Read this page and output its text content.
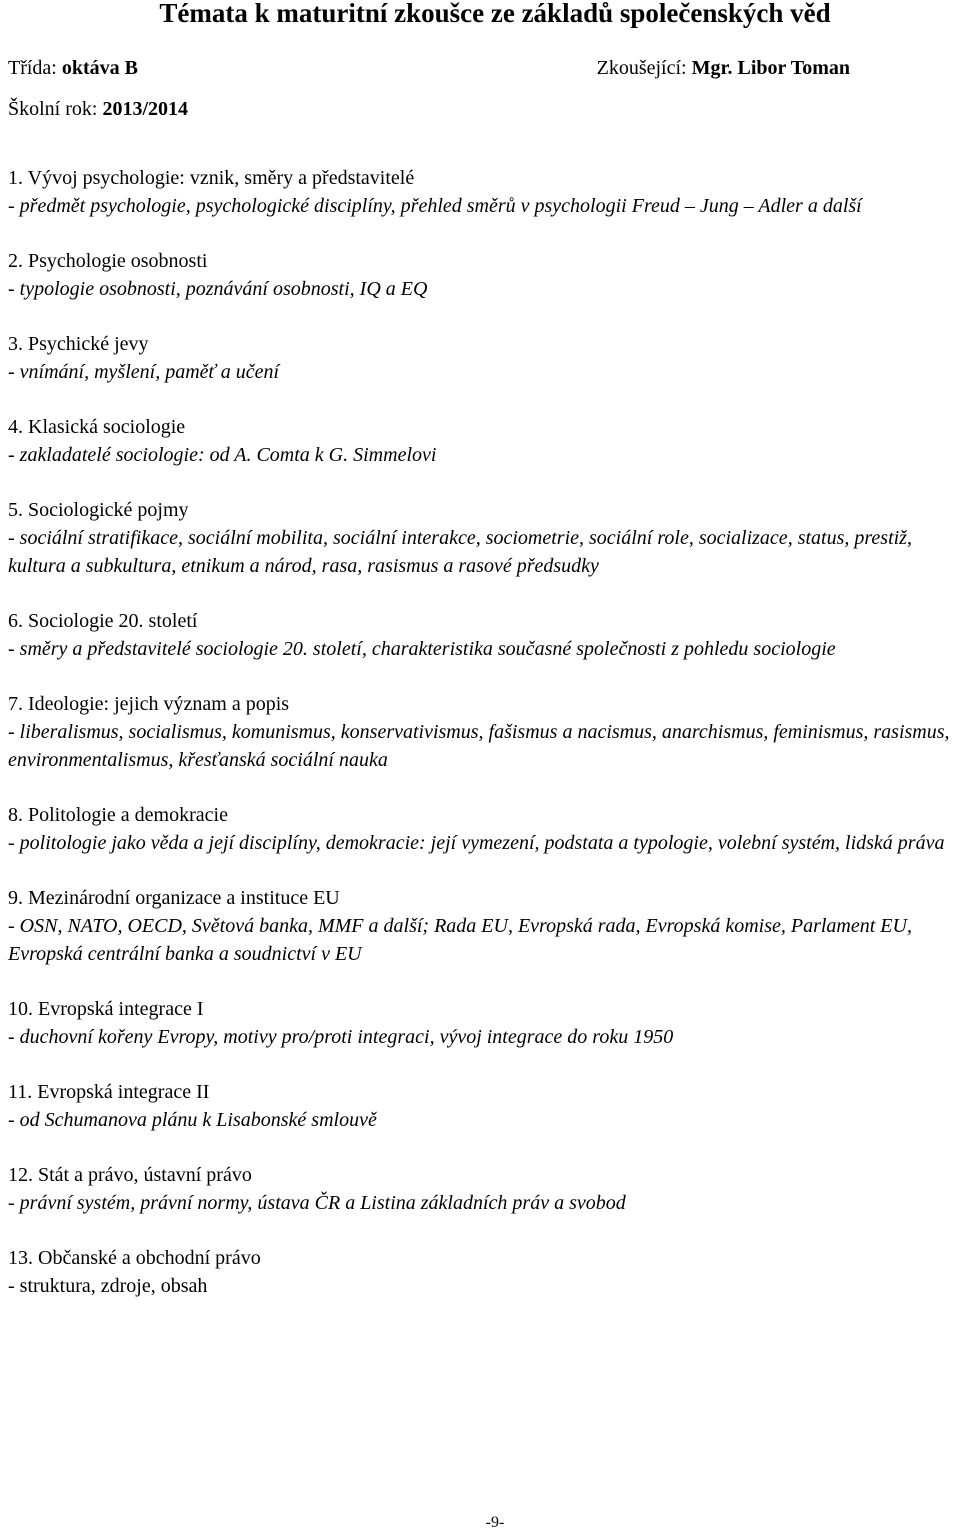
Témata k maturitní zkoušce ze základů společenských věd
Třída: oktáva B	Zkoušející: Mgr. Libor Toman
Školní rok: 2013/2014
1. Vývoj psychologie: vznik, směry a představitelé
- předmět psychologie, psychologické disciplíny, přehled směrů v psychologii Freud – Jung – Adler a další
2. Psychologie osobnosti
- typologie osobnosti, poznávání osobnosti, IQ a EQ
3. Psychické jevy
- vnímání, myšlení, paměť a učení
4. Klasická sociologie
- zakladatelé sociologie: od A. Comta k G. Simmelovi
5. Sociologické pojmy
- sociální stratifikace, sociální mobilita, sociální interakce, sociometrie, sociální role, socializace, status, prestiž, kultura a subkultura, etnikum a národ, rasa, rasismus a rasové předsudky
6. Sociologie 20. století
- směry a představitelé sociologie 20. století, charakteristika současné společnosti z pohledu sociologie
7. Ideologie: jejich význam a popis
- liberalismus, socialismus, komunismus, konservativismus, fašismus a nacismus, anarchismus, feminismus, rasismus, environmentalismus, křesťanská sociální nauka
8. Politologie a demokracie
- politologie jako věda a její disciplíny, demokracie: její vymezení, podstata a typologie, volební systém, lidská práva
9. Mezinárodní organizace a instituce EU
- OSN, NATO, OECD, Světová banka, MMF a další; Rada EU, Evropská rada, Evropská komise, Parlament EU, Evropská centrální banka a soudnictví v EU
10. Evropská integrace I
- duchovní kořeny Evropy, motivy pro/proti integraci, vývoj integrace do roku 1950
11. Evropská integrace II
- od Schumanova plánu k Lisabonské smlouvě
12. Stát a právo, ústavní právo
- právní systém, právní normy, ústava ČR a Listina základních práv a svobod
13. Občanské a obchodní právo
- struktura, zdroje, obsah
-9-
